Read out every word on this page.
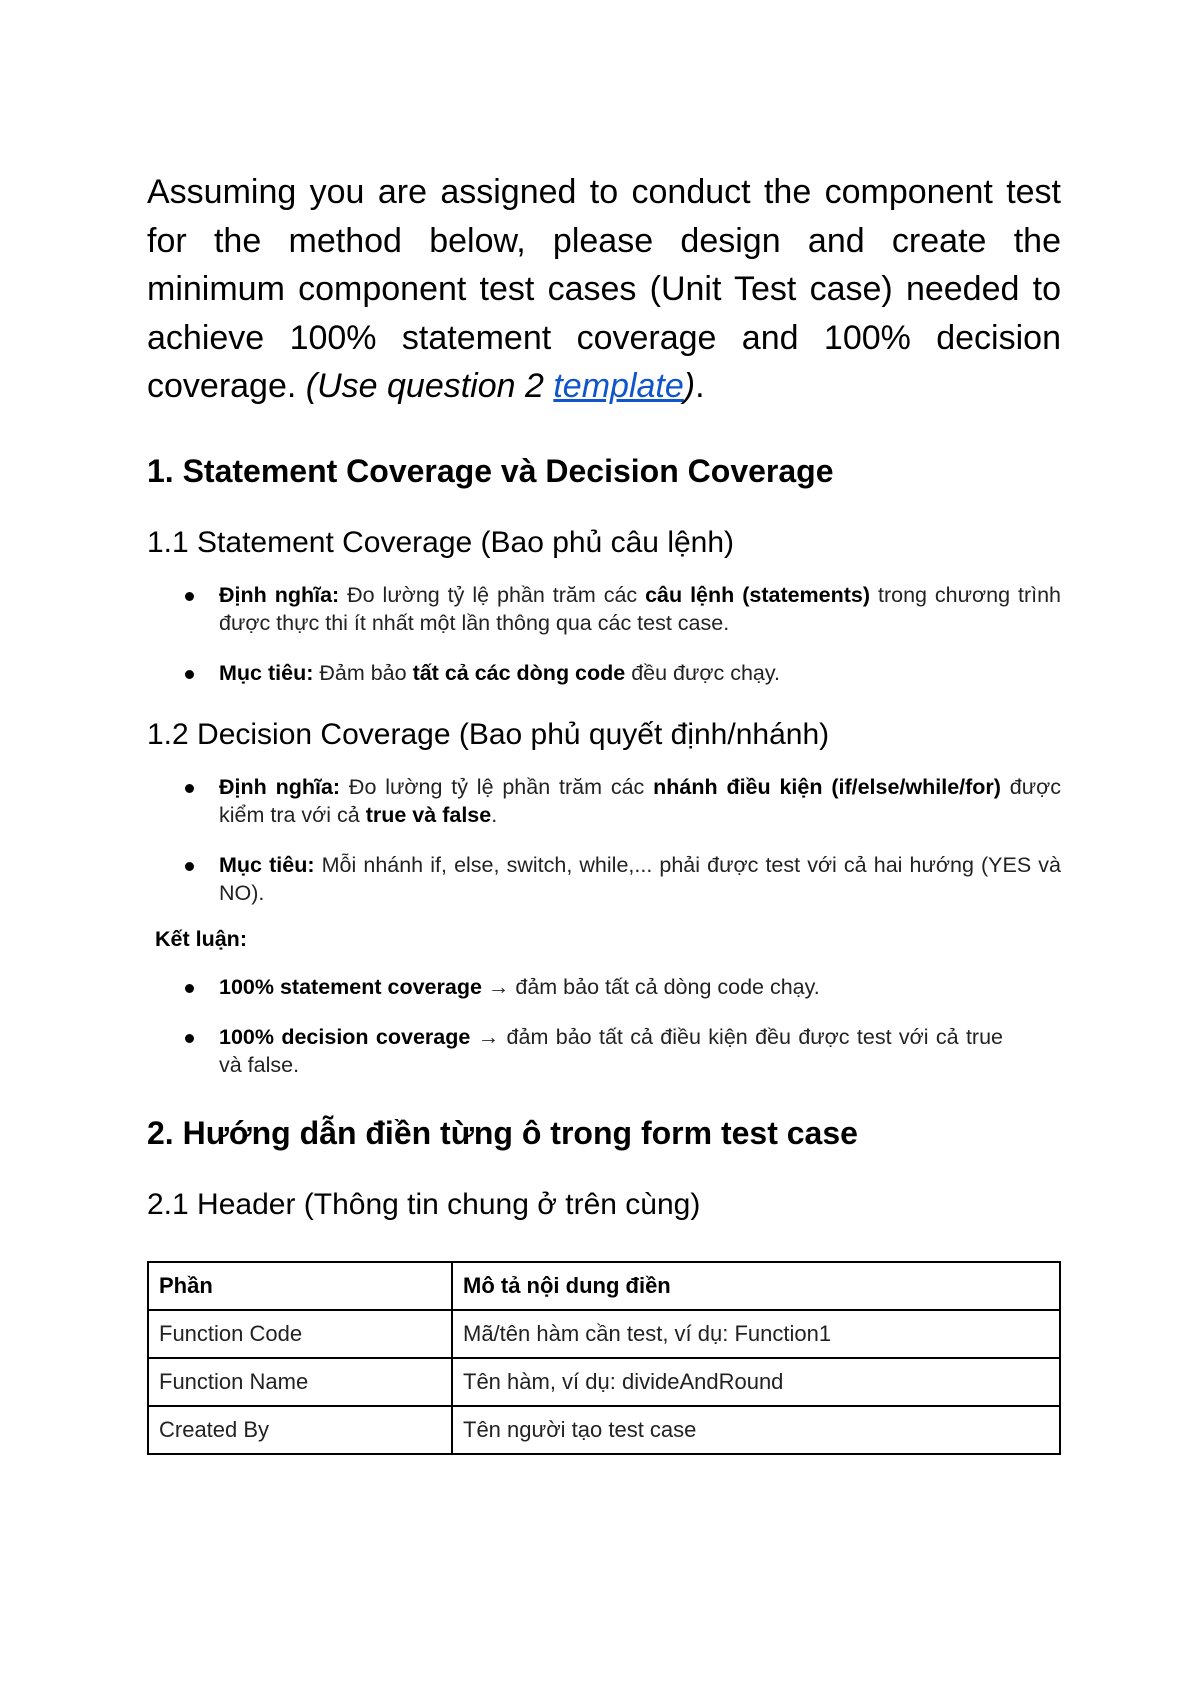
Assuming you are assigned to conduct the component test for the method below, please design and create the minimum component test cases (Unit Test case) needed to achieve 100% statement coverage and 100% decision coverage. (Use question 2 template).

1. Statement Coverage và Decision Coverage
1.1 Statement Coverage (Bao phủ câu lệnh)
Định nghĩa: Đo lường tỷ lệ phần trăm các câu lệnh (statements) trong chương trình được thực thi ít nhất một lần thông qua các test case.
Mục tiêu: Đảm bảo tất cả các dòng code đều được chạy.
1.2 Decision Coverage (Bao phủ quyết định/nhánh)
Định nghĩa: Đo lường tỷ lệ phần trăm các nhánh điều kiện (if/else/while/for) được kiểm tra với cả true và false.
Mục tiêu: Mỗi nhánh if, else, switch, while,... phải được test với cả hai hướng (YES và NO).
Kết luận:
100% statement coverage → đảm bảo tất cả dòng code chạy.
100% decision coverage → đảm bảo tất cả điều kiện đều được test với cả true và false.
2. Hướng dẫn điền từng ô trong form test case
2.1 Header (Thông tin chung ở trên cùng)
Phần	Mô tả nội dung điền
Function Code	Mã/tên hàm cần test, ví dụ: Function1
Function Name	Tên hàm, ví dụ: divideAndRound
Created By	Tên người tạo test case
